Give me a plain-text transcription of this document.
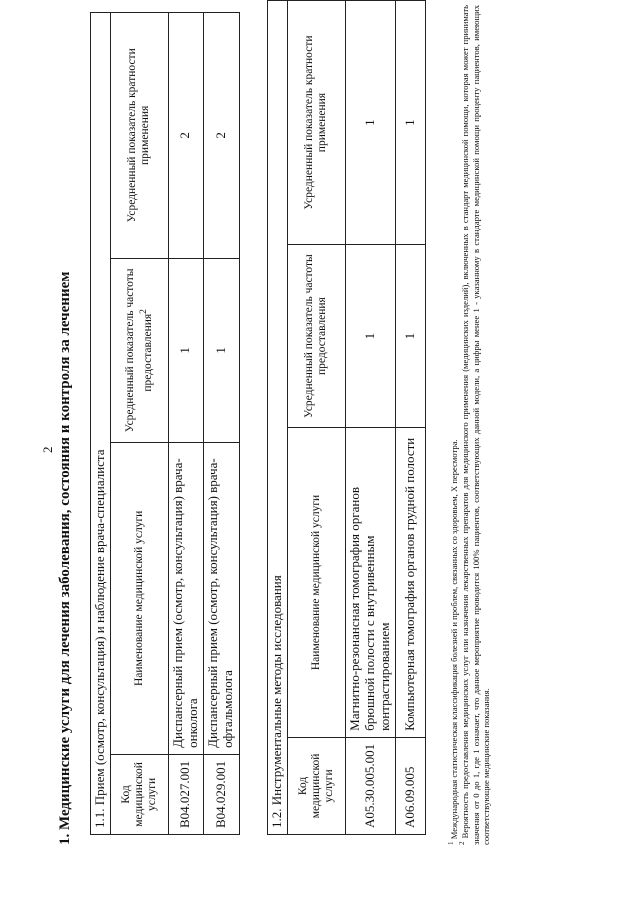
2 1. Медицинские услуги для лечения заболевания, состояния и контроля за лечением 1.1. Прием (осмотр, консультация) и наблюдение врача-специалиста			
Код медицинской услуги	Наименование медицинской услуги	Усредненный показатель частоты предоставления$^2$	Усредненный показатель кратности применения
B04.027.001	Диспансерный прием (осмотр, консультация) врача-онколога	1	2
B04.029.001	Диспансерный прием (осмотр, консультация) врача-офтальмолога	1	2
1.2. Инструментальные методы исследования			
Код медицинской услуги	Наименование медицинской услуги	Усредненный показатель частоты предоставления	Усредненный показатель кратности применения
A05.30.005.001	Магнитно-резонансная томография органов брюшной полости с внутривенным контрастированием	1	1
A06.09.005	Компьютерная томография органов грудной полости	1	1
$^1$ Международная статистическая классификация болезней и проблем, связанных со здоровьем, X пересмотра.
$^2$ Вероятность предоставления медицинских услуг или назначения лекарственных препаратов для медицинского применения (медицинских изделий), включенных в стандарт медицинской помощи, которая может принимать значения от 0 до 1, где 1 означает, что данное мероприятие проводится 100% пациентов, соответствующих данной модели, а цифры менее 1 - указанному в стандарте медицинской помощи проценту пациентов, имеющих соответствующие медицинские показания.
